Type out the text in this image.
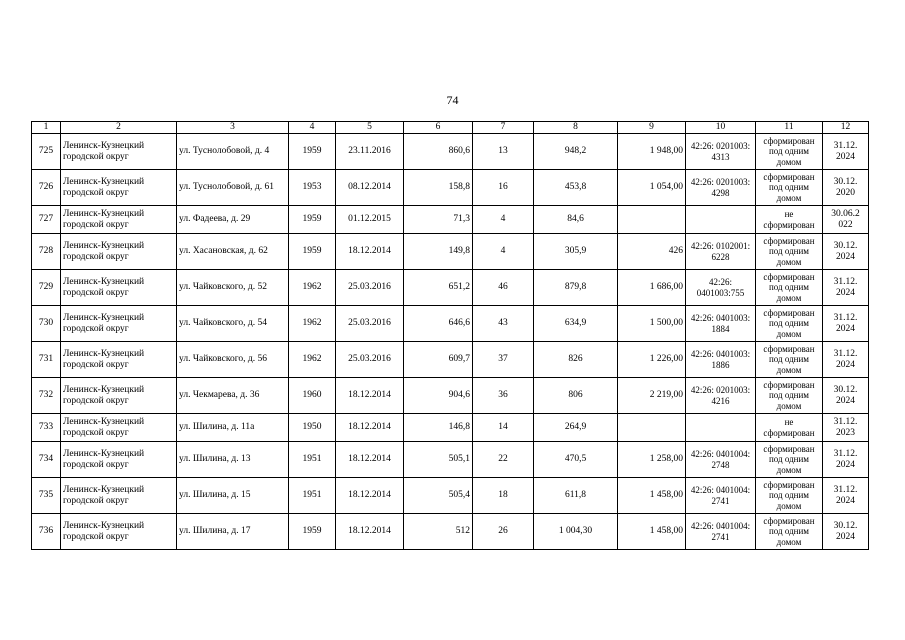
74
1	2	3	4	5	6	7	8	9	10	11	12
725	Ленинск-Кузнецкий городской округ	ул. Туснолобовой, д. 4	1959	23.11.2016	860,6	13	948,2	1 948,00	42:26: 0201003: 4313	сформирован под одним домом	31.12. 2024
726	Ленинск-Кузнецкий городской округ	ул. Туснолобовой, д. 61	1953	08.12.2014	158,8	16	453,8	1 054,00	42:26: 0201003: 4298	сформирован под одним домом	30.12. 2020
727	Ленинск-Кузнецкий городской округ	ул. Фадеева, д. 29	1959	01.12.2015	71,3	4	84,6			не сформирован	30.06.2 022
728	Ленинск-Кузнецкий городской округ	ул. Хасановская, д. 62	1959	18.12.2014	149,8	4	305,9	426	42:26: 0102001: 6228	сформирован под одним домом	30.12. 2024
729	Ленинск-Кузнецкий городской округ	ул. Чайковского, д. 52	1962	25.03.2016	651,2	46	879,8	1 686,00	42:26: 0401003:755	сформирован под одним домом	31.12. 2024
730	Ленинск-Кузнецкий городской округ	ул. Чайковского, д. 54	1962	25.03.2016	646,6	43	634,9	1 500,00	42:26: 0401003: 1884	сформирован под одним домом	31.12. 2024
731	Ленинск-Кузнецкий городской округ	ул. Чайковского, д. 56	1962	25.03.2016	609,7	37	826	1 226,00	42:26: 0401003: 1886	сформирован под одним домом	31.12. 2024
732	Ленинск-Кузнецкий городской округ	ул. Чекмарева, д. 36	1960	18.12.2014	904,6	36	806	2 219,00	42:26: 0201003: 4216	сформирован под одним домом	30.12. 2024
733	Ленинск-Кузнецкий городской округ	ул. Шилина, д. 11а	1950	18.12.2014	146,8	14	264,9			не сформирован	31.12. 2023
734	Ленинск-Кузнецкий городской округ	ул. Шилина, д. 13	1951	18.12.2014	505,1	22	470,5	1 258,00	42:26: 0401004: 2748	сформирован под одним домом	31.12. 2024
735	Ленинск-Кузнецкий городской округ	ул. Шилина, д. 15	1951	18.12.2014	505,4	18	611,8	1 458,00	42:26: 0401004: 2741	сформирован под одним домом	31.12. 2024
736	Ленинск-Кузнецкий городской округ	ул. Шилина, д. 17	1959	18.12.2014	512	26	1 004,30	1 458,00	42:26: 0401004: 2741	сформирован под одним домом	30.12. 2024
